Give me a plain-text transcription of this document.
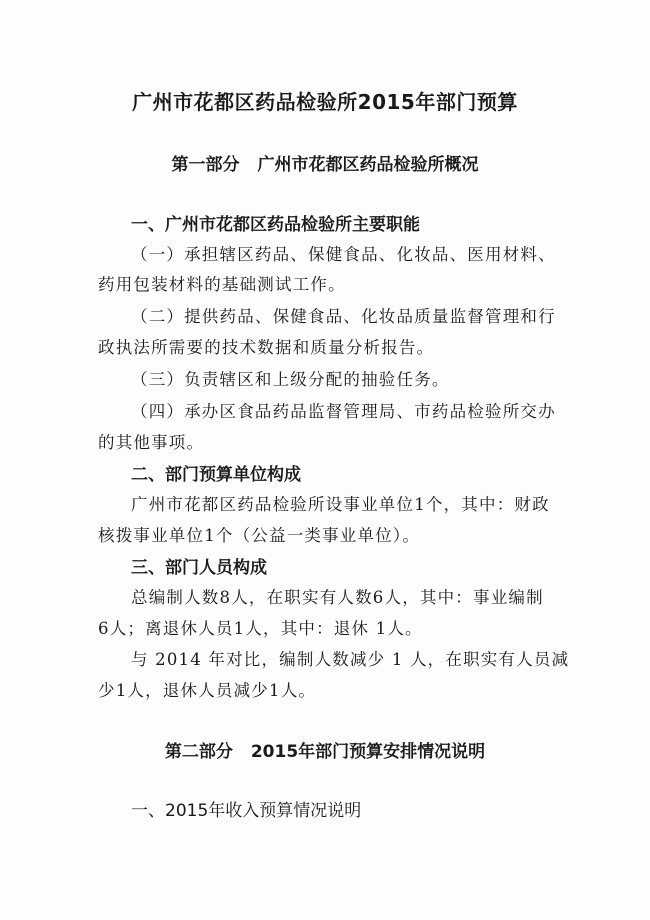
广州市花都区药品检验所2015年部门预算
第一部分 广州市花都区药品检验所概况
一、广州市花都区药品检验所主要职能
（一）承担辖区药品、保健食品、化妆品、医用材料、
药用包装材料的基础测试工作。
（二）提供药品、保健食品、化妆品质量监督管理和行
政执法所需要的技术数据和质量分析报告。
（三）负责辖区和上级分配的抽验任务。
（四）承办区食品药品监督管理局、市药品检验所交办
的其他事项。
二、部门预算单位构成
广州市花都区药品检验所设事业单位1个，其中：财政
核拨事业单位1个（公益一类事业单位）。
三、部门人员构成
总编制人数8人，在职实有人数6人，其中：事业编制
6人；离退休人员1人，其中：退休 1人。
与 2014 年对比，编制人数减少 1 人，在职实有人员减
少1人，退休人员减少1人。
第二部分 2015年部门预算安排情况说明
一、2015年收入预算情况说明
